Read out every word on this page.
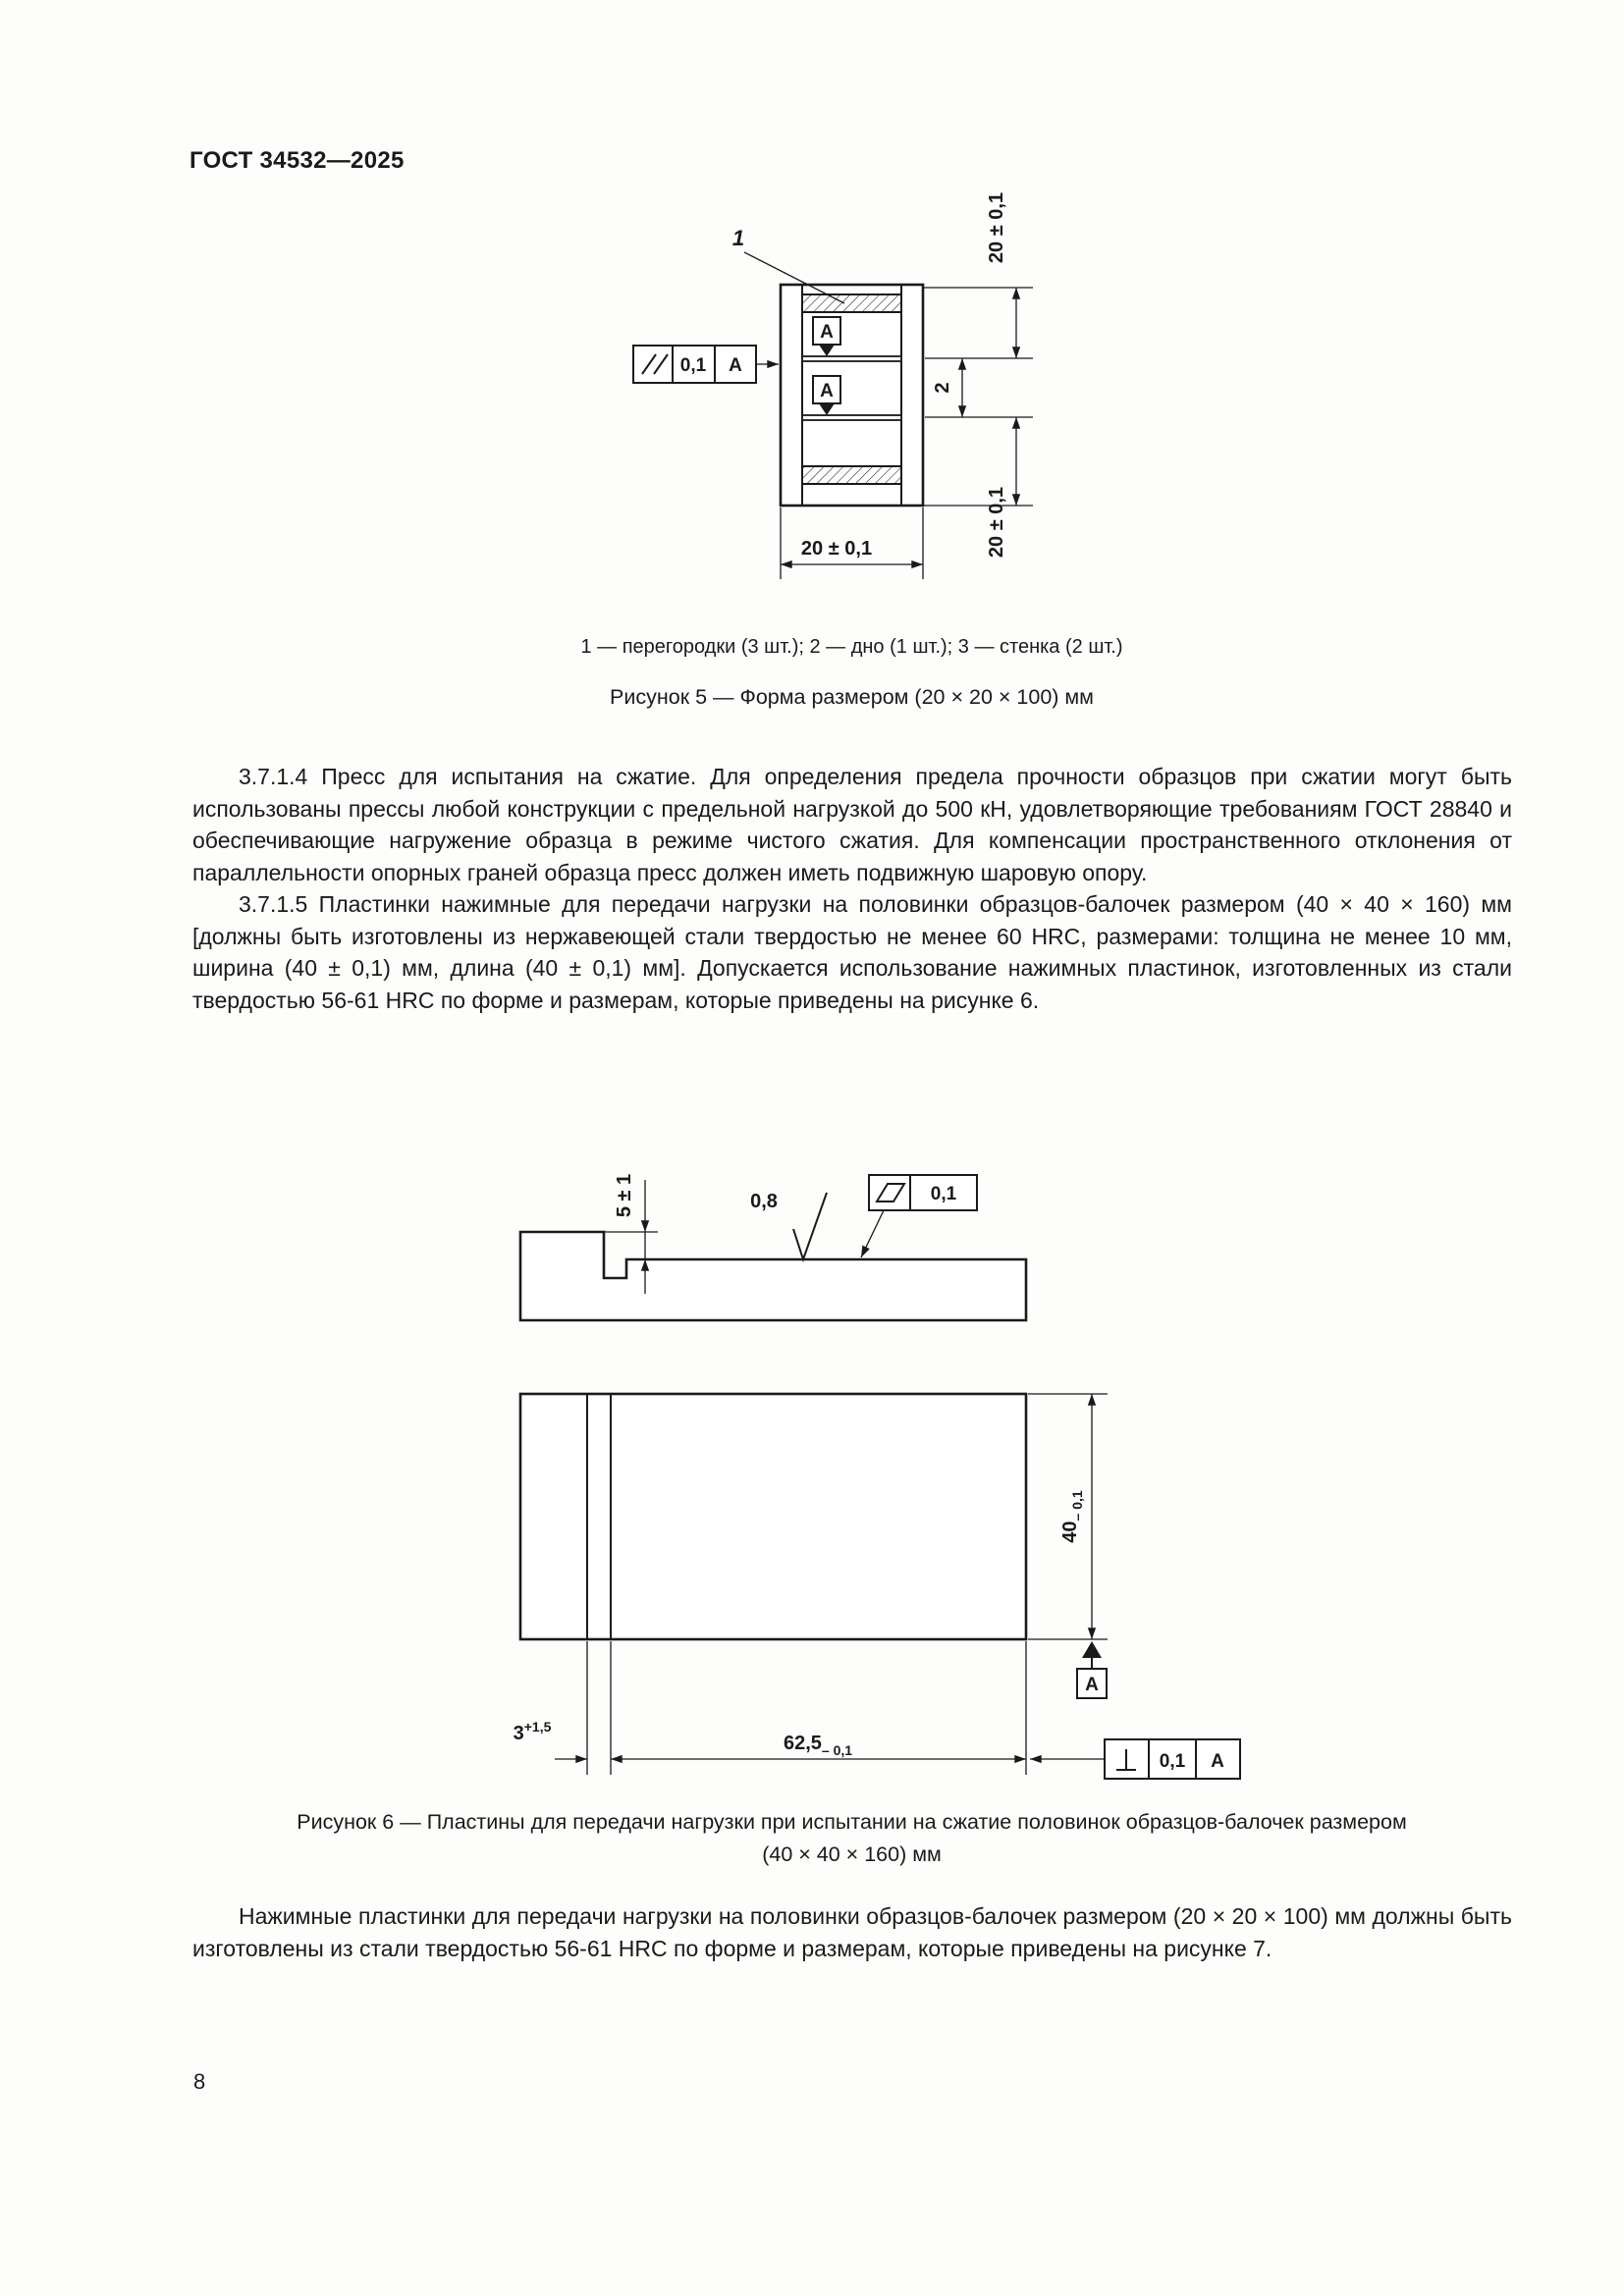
ГОСТ 34532—2025
А
А
1
0,1 А
20 ± 0,1
2
20 ± 0,1
20 ± 0,1
1 — перегородки (3 шт.); 2 — дно (1 шт.); 3 — стенка (2 шт.)
Рисунок 5 — Форма размером (20 × 20 × 100) мм

3.7.1.4 Пресс для испытания на сжатие. Для определения предела прочности образцов при сжатии могут быть использованы прессы любой конструкции с предельной нагрузкой до 500 кН, удовлетворяющие требованиям ГОСТ 28840 и обеспечивающие нагружение образца в режиме чистого сжатия. Для компенсации пространственного отклонения от параллельности опорных граней образца пресс должен иметь подвижную шаровую опору.

3.7.1.5 Пластинки нажимные для передачи нагрузки на половинки образцов-балочек размером (40 × 40 × 160) мм [должны быть изготовлены из нержавеющей стали твердостью не менее 60 HRC, размерами: толщина не менее 10 мм, ширина (40 ± 0,1) мм, длина (40 ± 0,1) мм]. Допускается использование нажимных пластинок, изготовленных из стали твердостью 56-61 HRC по форме и размерам, которые приведены на рисунке 6.

5 ± 1	0,8	0,1
$40_{- 0,1}$
А
$62,5_{- 0,1}$
$3^{+1,5}$
0,1 А
Рисунок 6 — Пластины для передачи нагрузки при испытании на сжатие половинок образцов-балочек размером
(40 × 40 × 160) мм

Нажимные пластинки для передачи нагрузки на половинки образцов-балочек размером (20 × 20 × 100) мм должны быть изготовлены из стали твердостью 56-61 HRC по форме и размерам, которые приведены на рисунке 7.

8
